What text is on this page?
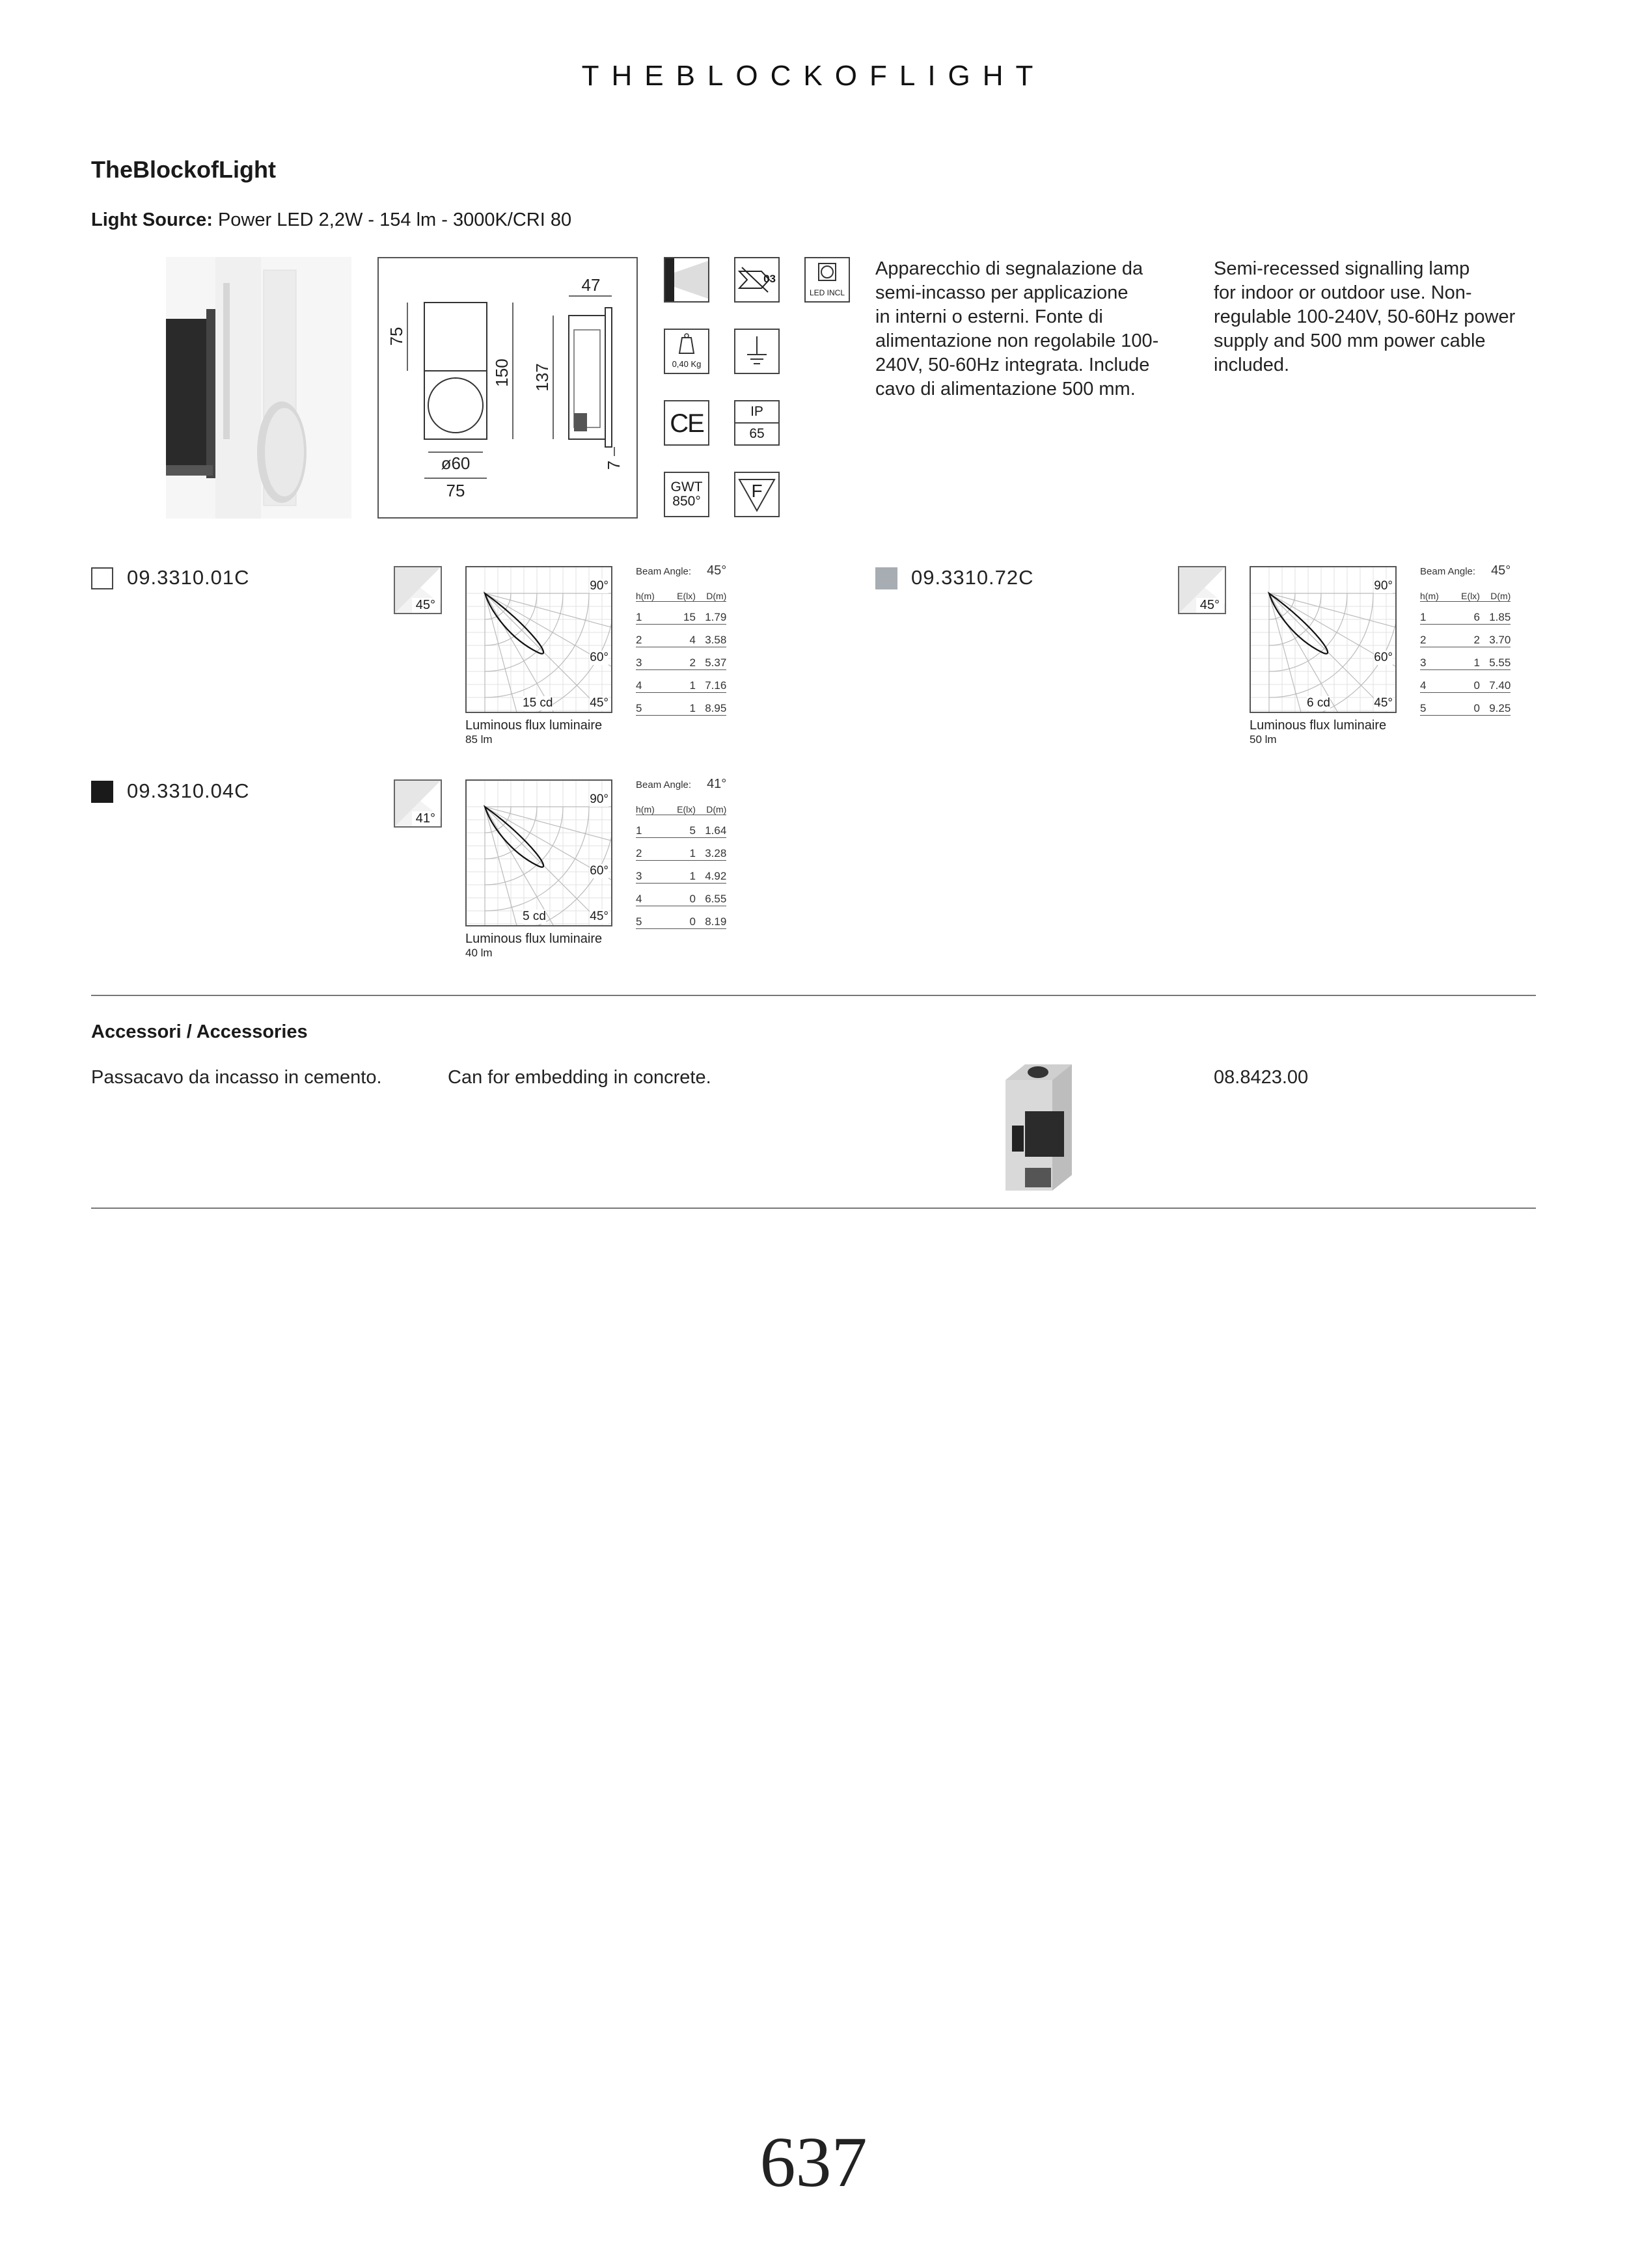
THEBLOCKOFLIGHT
TheBlockofLight
Light Source: Power LED 2,2W - 154 lm - 3000K/CRI 80
47
75
150 137
ø60
75
7
03
LED INCL
0,40 Kg
CE	IP
65
GWT
850°
F
Apparecchio di segnalazione da
semi-incasso per applicazione
in interni o esterni. Fonte di
alimentazione non regolabile 100-
240V, 50-60Hz integrata. Include
cavo di alimentazione 500 mm.
Semi-recessed signalling lamp
for indoor or outdoor use. Non-
regulable 100-240V, 50-60Hz power
supply and 500 mm power cable
included.
09.3310.01C
45°
90°
60°
45°
15 cd
Luminous flux luminaire
85 lm
Beam Angle: 45°
h(m)	E(lx)	D(m)
1	15	1.79
2	4	3.58
3	2	5.37
4	1	7.16
5	1	8.95
09.3310.72C
45°
90°
60°
45°
6 cd
Luminous flux luminaire
50 lm
Beam Angle: 45°
h(m)	E(lx)	D(m)
1	6	1.85
2	2	3.70
3	1	5.55
4	0	7.40
5	0	9.25
09.3310.04C
41°
90°
60°
45°
5 cd
Luminous flux luminaire
40 lm
Beam Angle: 41°
h(m)	E(lx)	D(m)
1	5	1.64
2	1	3.28
3	1	4.92
4	0	6.55
5	0	8.19
Accessori / Accessories
Passacavo da incasso in cemento.	Can for embedding in concrete.	08.8423.00
637
